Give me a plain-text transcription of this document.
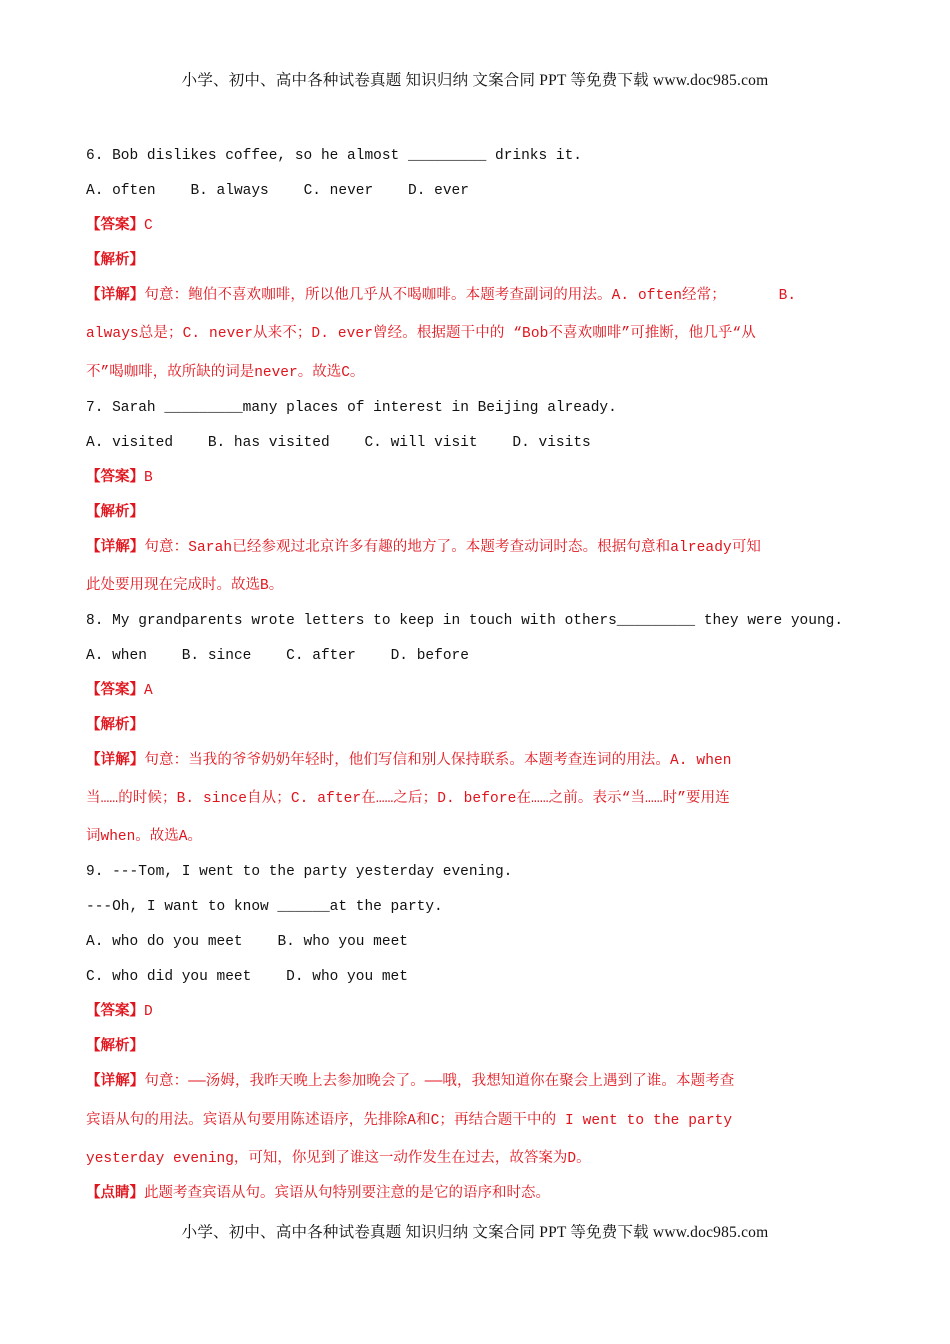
小学、初中、高中各种试卷真题 知识归纳 文案合同 PPT 等免费下载 www.doc985.com
6. Bob dislikes coffee, so he almost _________ drinks it.
A. often B. always C. never D. ever
【答案】C
【解析】
【详解】句意：鲍伯不喜欢咖啡，所以他几乎从不喝咖啡。本题考查副词的用法。A. often经常；      B.
always总是；C. never从来不；D. ever曾经。根据题干中的 “Bob不喜欢咖啡”可推断，他几乎“从
不”喝咖啡，故所缺的词是never。故选C。
7. Sarah _________many places of interest in Beijing already.
A. visited B. has visited C. will visit D. visits
【答案】B
【解析】
【详解】句意：Sarah已经参观过北京许多有趣的地方了。本题考查动词时态。根据句意和already可知
此处要用现在完成时。故选B。
8. My grandparents wrote letters to keep in touch with others_________ they were young.
A. when B. since C. after D. before
【答案】A
【解析】
【详解】句意：当我的爷爷奶奶年轻时，他们写信和别人保持联系。本题考查连词的用法。A. when
当……的时候；B. since自从；C. after在……之后；D. before在……之前。表示“当……时”要用连
词when。故选A。
9. ---Tom, I went to the party yesterday evening.
---Oh, I want to know ______at the party.
A. who do you meet B. who you meet
C. who did you meet D. who you met
【答案】D
【解析】
【详解】句意：——汤姆，我昨天晚上去参加晚会了。——哦，我想知道你在聚会上遇到了谁。本题考查
宾语从句的用法。宾语从句要用陈述语序，先排除A和C；再结合题干中的 I went to the party
yesterday evening，可知，你见到了谁这一动作发生在过去，故答案为D。
【点睛】此题考查宾语从句。宾语从句特别要注意的是它的语序和时态。
小学、初中、高中各种试卷真题 知识归纳 文案合同 PPT 等免费下载 www.doc985.com
